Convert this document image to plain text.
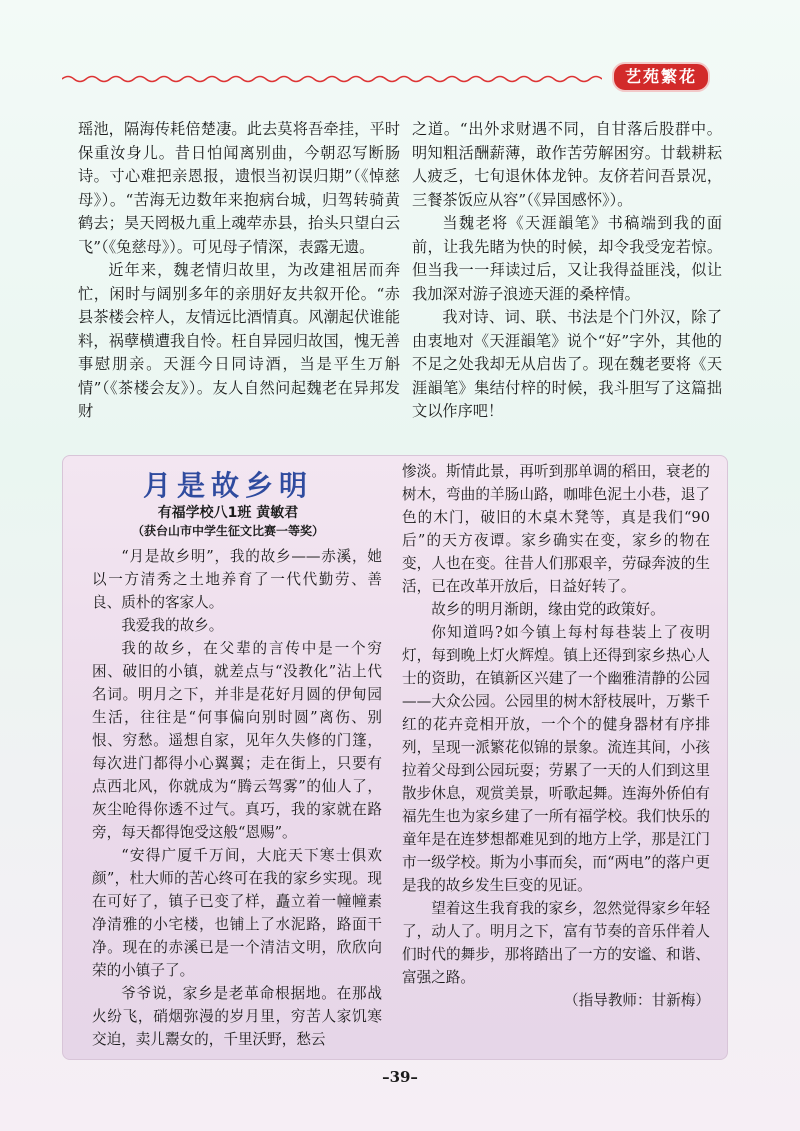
艺苑繁花

瑶池，隔海传耗倍楚凄。此去莫将吾牵挂，平时保重汝身儿。昔日怕闻离别曲，今朝忍写断肠诗。寸心难把亲恩报，遗恨当初误归期”（《悼慈母》）。“苦海无边数年来抱病台城，归驾转骑黄鹤去；昊天罔极九重上魂荦赤县，抬头只望白云飞”（《兔慈母》）。可见母子情深，表露无遗。

近年来，魏老情归故里，为改建祖居而奔忙，闲时与阔别多年的亲朋好友共叙开伦。“赤县茶楼会梓人，友情远比酒情真。风潮起伏谁能料，祸孽横遭我自怜。枉自异园归故国，愧无善事慰朋亲。天涯今日同诗酒，当是平生万斛情”（《茶楼会友》）。友人自然问起魏老在异邦发财

之道。“出外求财遇不同，自甘落后股群中。明知粗活酬薪薄，敢作苦劳解困穷。廿载耕耘人疲乏，七旬退休体龙钟。友侪若问吾景况，三餐茶饭应从容”（《异国感怀》）。

当魏老将《天涯韻笔》书稿端到我的面前，让我先睹为快的时候，却令我受宠若惊。但当我一一拜读过后，又让我得益匪浅，似让我加深对游子浪迹天涯的桑梓情。

我对诗、词、联、书法是个门外汉，除了由衷地对《天涯韻笔》说个“好”字外，其他的不足之处我却无从启齿了。现在魏老要将《天涯韻笔》集结付梓的时候，我斗胆写了这篇拙文以作序吧！

月是故乡明
有福学校八1班 黄敏君
（获台山市中学生征文比赛一等奖）

“月是故乡明”，我的故乡——赤溪，她以一方清秀之土地养育了一代代勤劳、善良、质朴的客家人。

我爱我的故乡。

我的故乡，在父辈的言传中是一个穷困、破旧的小镇，就差点与“没教化”沾上代名词。明月之下，并非是花好月圆的伊甸园生活，往往是“何事偏向别时圆”离伤、别恨、穷愁。遥想自家，见年久失修的门篷，每次进门都得小心翼翼；走在街上，只要有点西北风，你就成为“腾云驾雾”的仙人了，灰尘呛得你透不过气。真巧，我的家就在路旁，每天都得饱受这般“恩赐”。

“安得广厦千万间，大庇天下寒士俱欢颜”，杜大师的苦心终可在我的家乡实现。现在可好了，镇子已变了样，矗立着一幢幢素净清雅的小宅楼，也铺上了水泥路，路面干净。现在的赤溪已是一个清洁文明，欣欣向荣的小镇子了。

爷爷说，家乡是老革命根据地。在那战火纷飞，硝烟弥漫的岁月里，穷苦人家饥寒交迫，卖儿鬻女的，千里沃野，愁云

惨淡。斯情此景，再听到那单调的稻田，衰老的树木，弯曲的羊肠山路，咖啡色泥土小巷，退了色的木门，破旧的木桌木凳等，真是我们“90后”的天方夜谭。家乡确实在变，家乡的物在变，人也在变。往昔人们那艰辛，劳碌奔波的生活，已在改革开放后，日益好转了。

故乡的明月渐朗，缘由党的政策好。

你知道吗?如今镇上每村每巷装上了夜明灯，每到晚上灯火辉煌。镇上还得到家乡热心人士的资助，在镇新区兴建了一个幽雅清静的公园——大众公园。公园里的树木舒枝展叶，万紫千红的花卉竞相开放，一个个的健身器材有序排列，呈现一派繁花似锦的景象。流连其间，小孩拉着父母到公园玩耍；劳累了一天的人们到这里散步休息，观赏美景，听歌起舞。连海外侨伯有福先生也为家乡建了一所有福学校。我们快乐的童年是在连梦想都难见到的地方上学，那是江门市一级学校。斯为小事而矣，而“两电”的落户更是我的故乡发生巨变的见证。

望着这生我育我的家乡，忽然觉得家乡年轻了，动人了。明月之下，富有节奏的音乐伴着人们时代的舞步，那将踏出了一方的安谧、和谐、富强之路。

（指导教师：甘新梅）

–39–
